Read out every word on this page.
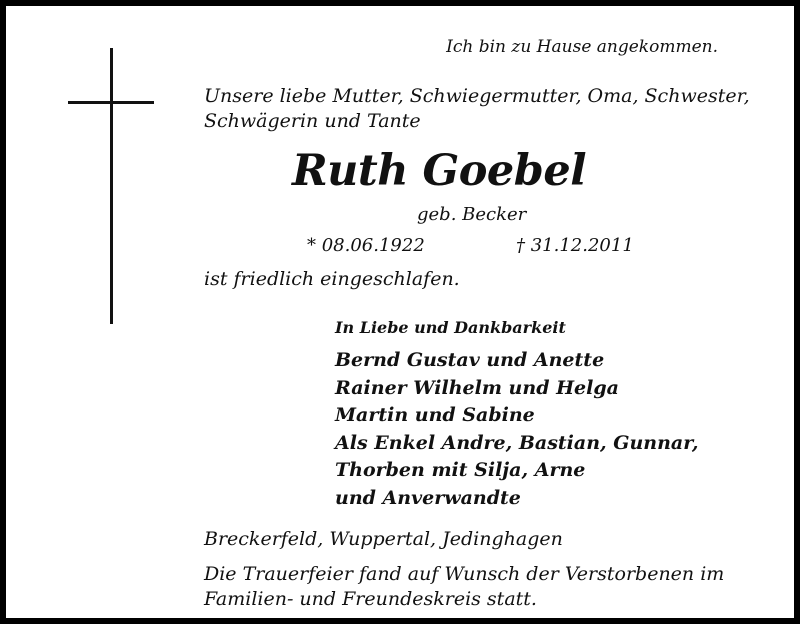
Ich bin zu Hause angekommen.
Unsere liebe Mutter, Schwiegermutter, Oma, Schwester, Schwägerin und Tante
Ruth Goebel
geb. Becker
* 08.06.1922	† 31.12.2011
ist friedlich eingeschlafen.
In Liebe und Dankbarkeit
Bernd Gustav und Anette
Rainer Wilhelm und Helga
Martin und Sabine
Als Enkel Andre, Bastian, Gunnar,
Thorben mit Silja, Arne
und Anverwandte
Breckerfeld, Wuppertal, Jedinghagen
Die Trauerfeier fand auf Wunsch der Verstorbenen im Familien- und Freundeskreis statt.
